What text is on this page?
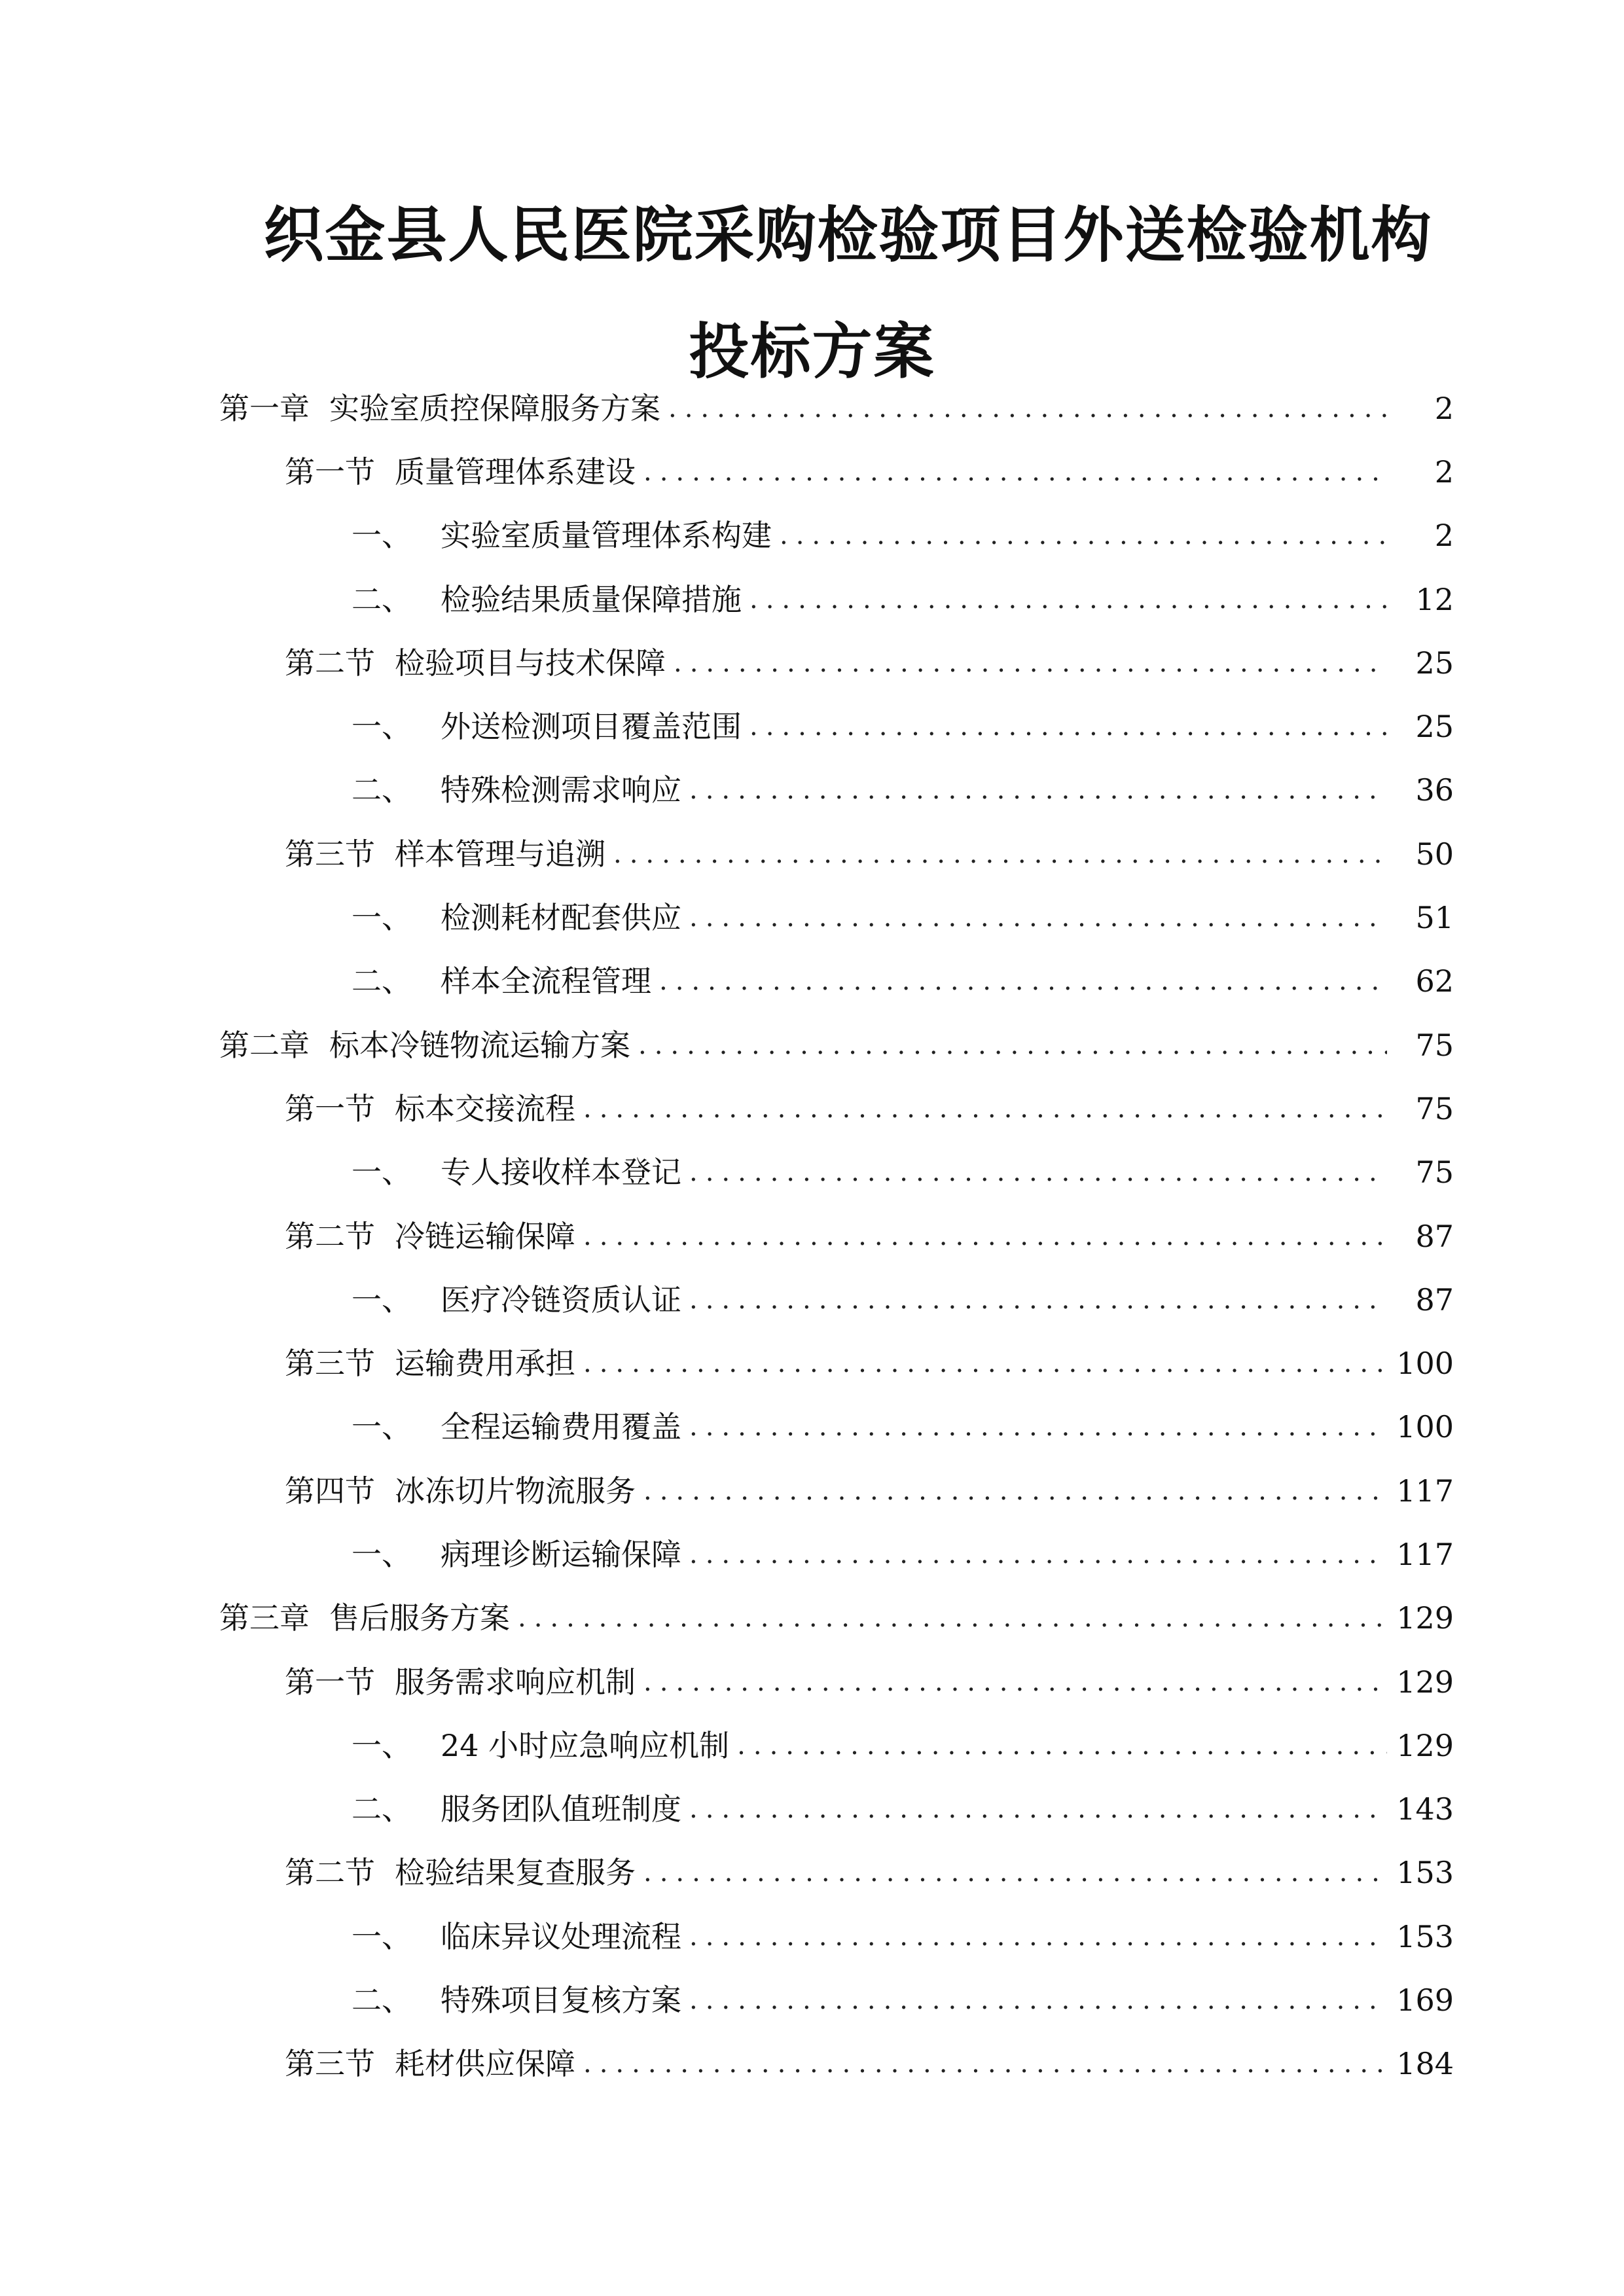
织金县人民医院采购检验项目外送检验机构
投标方案
第一章 实验室质控保障服务方案 .....	2
第一节 质量管理体系建设 .....	2
一、 实验室质量管理体系构建 .....	2
二、 检验结果质量保障措施 .....	12
第二节 检验项目与技术保障 .....	25
一、 外送检测项目覆盖范围 .....	25
二、 特殊检测需求响应 .....	36
第三节 样本管理与追溯 .....	50
一、 检测耗材配套供应 .....	51
二、 样本全流程管理 .....	62
第二章 标本冷链物流运输方案 .....	75
第一节 标本交接流程 .....	75
一、 专人接收样本登记 .....	75
第二节 冷链运输保障 .....	87
一、 医疗冷链资质认证 .....	87
第三节 运输费用承担 .....	100
一、 全程运输费用覆盖 .....	100
第四节 冰冻切片物流服务 .....	117
一、 病理诊断运输保障 .....	117
第三章 售后服务方案 .....	129
第一节 服务需求响应机制 .....	129
一、 24 小时应急响应机制 .....	129
二、 服务团队值班制度 .....	143
第二节 检验结果复查服务 .....	153
一、 临床异议处理流程 .....	153
二、 特殊项目复核方案 .....	169
第三节 耗材供应保障 .....	184
